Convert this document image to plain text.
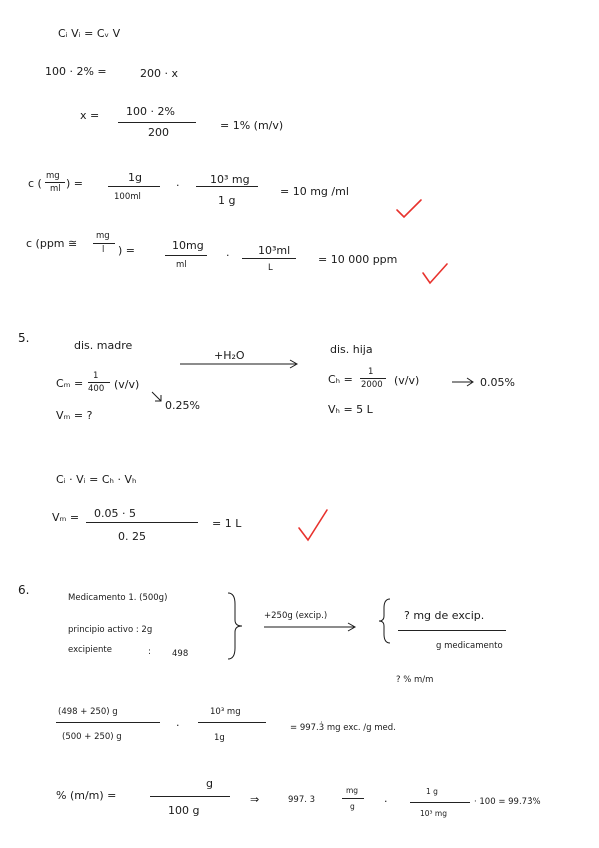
Cᵢ Vᵢ = Cᵥ V
100 · 2% =	200 · x
x = 100 · 2%
200
= 1% (m/v)
c (
mg
ml ) =	1g
100ml
·	10³ mg
1 g
= 10 mg /ml
c (ppm ≅
mg
l ) =	10mg
ml
·	10³ml
L
= 10 000 ppm
5.
dis. madre
+H₂O	dis. hija
Cₘ =
1
400 (v/v)
0.25%
Cₕ =
1
2000 (v/v)	0.05%
Vₘ = ?	Vₕ = 5 L
Cᵢ · Vᵢ = Cₕ · Vₕ
Vₘ = 0.05 · 5
0. 25
= 1 L
6.
Medicamento 1. (500g)
principio activo : 2g
excipiente	: 498
+250g (excip.)	? mg de excip.
g medicamento
? % m/m
(498 + 250) g
(500 + 250) g
·
10³ mg
1g
= 997.3̇ mg exc. /g med.
% (m/m) =
g
100 g
⇒	997. 3
mg
g	·
1 g
10³ mg
· 100 = 99.73̇%
